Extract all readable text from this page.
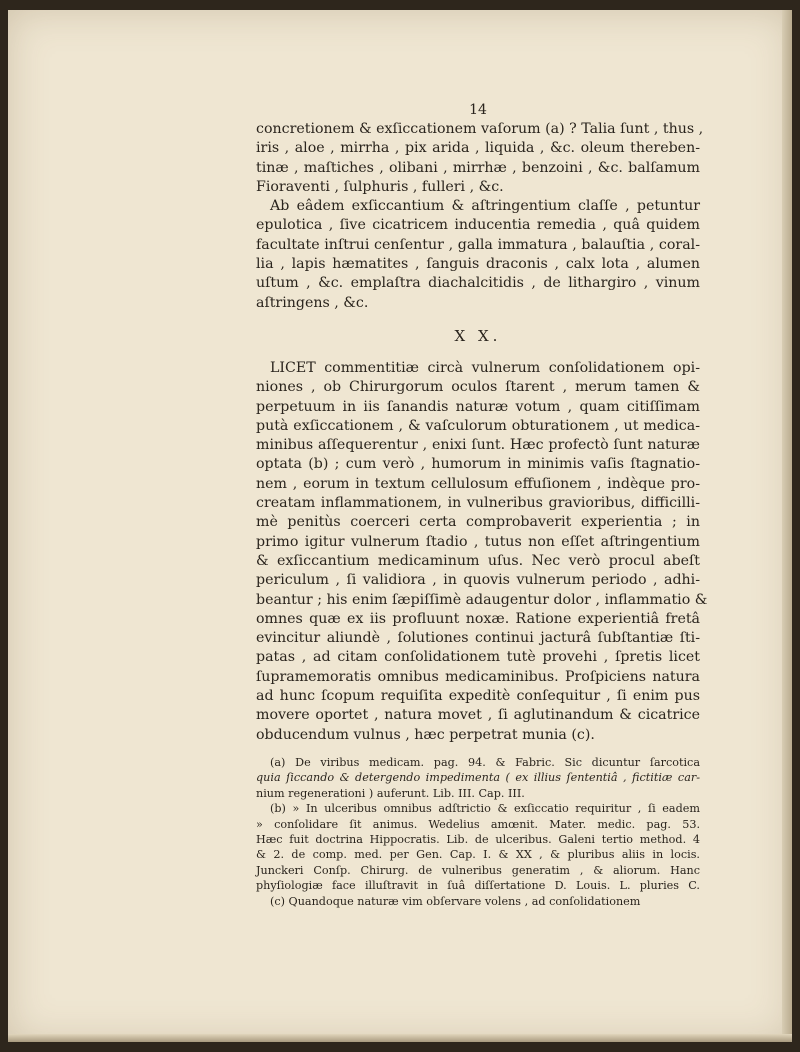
14
concretionem & exſiccationem vaſorum (a) ? Talia ſunt , thus ,
iris , aloe , mirrha , pix arida , liquida , &c. oleum thereben-
tinæ , maſtiches , olibani , mirrhæ , benzoini , &c. balſamum
Fioraventi , ſulphuris , fulleri , &c.
Ab eâdem exſiccantium & aſtringentium claſſe , petuntur
epulotica , ſive cicatricem inducentia remedia , quâ quidem
facultate inſtrui cenſentur , galla immatura , balauſtia , coral-
lia , lapis hæmatites , ſanguis draconis , calx lota , alumen
uſtum , &c. emplaſtra diachalcitidis , de lithargiro , vinum
aſtringens , &c.
X X.
LICET commentitiæ circà vulnerum conſolidationem opi-
niones , ob Chirurgorum oculos ſtarent , merum tamen &
perpetuum in iis ſanandis naturæ votum , quam citiſſimam
putà exſiccationem , & vaſculorum obturationem , ut medica-
minibus aſſequerentur , enixi ſunt. Hæc profectò ſunt naturæ
optata (b) ; cum verò , humorum in minimis vaſis ſtagnatio-
nem , eorum in textum cellulosum effuſionem , indèque pro-
creatam inflammationem, in vulneribus gravioribus, difficilli-
mè penitùs coerceri certa comprobaverit experientia ; in
primo igitur vulnerum ſtadio , tutus non eſſet aſtringentium
& exſiccantium medicaminum uſus. Nec verò procul abeſt
periculum , ſi validiora , in quovis vulnerum periodo , adhi-
beantur ; his enim ſæpiſſimè adaugentur dolor , inflammatio &
omnes quæ ex iis profluunt noxæ. Ratione experientiâ fretâ
evincitur aliundè , ſolutiones continui jacturâ ſubſtantiæ ſti-
patas , ad citam conſolidationem tutè provehi , ſpretis licet
ſupramemoratis omnibus medicaminibus. Proſpiciens natura
ad hunc ſcopum requiſita expeditè conſequitur , ſi enim pus
movere oportet , natura movet , ſi aglutinandum & cicatrice
obducendum vulnus , hæc perpetrat munia (c).
(a) De viribus medicam. pag. 94. & Fabric. Sic dicuntur ſarcotica
quia ſiccando & detergendo impedimenta ( ex illius ſententiâ , fictitiæ car-
nium regenerationi ) auferunt. Lib. III. Cap. III.
(b) » In ulceribus omnibus adſtrictio & exſiccatio requiritur , ſi eadem
» conſolidare ſit animus. Wedelius amœnit. Mater. medic. pag. 53.
Hæc fuit doctrina Hippocratis. Lib. de ulceribus. Galeni tertio method. 4
& 2. de comp. med. per Gen. Cap. I. & XX , & pluribus aliis in locis.
Junckeri Conſp. Chirurg. de vulneribus generatim , & aliorum. Hanc
phyſiologiæ face illuſtravit in ſuâ diſſertatione D. Louis. L. pluries C.
(c) Quandoque naturæ vim obſervare volens , ad conſolidationem
